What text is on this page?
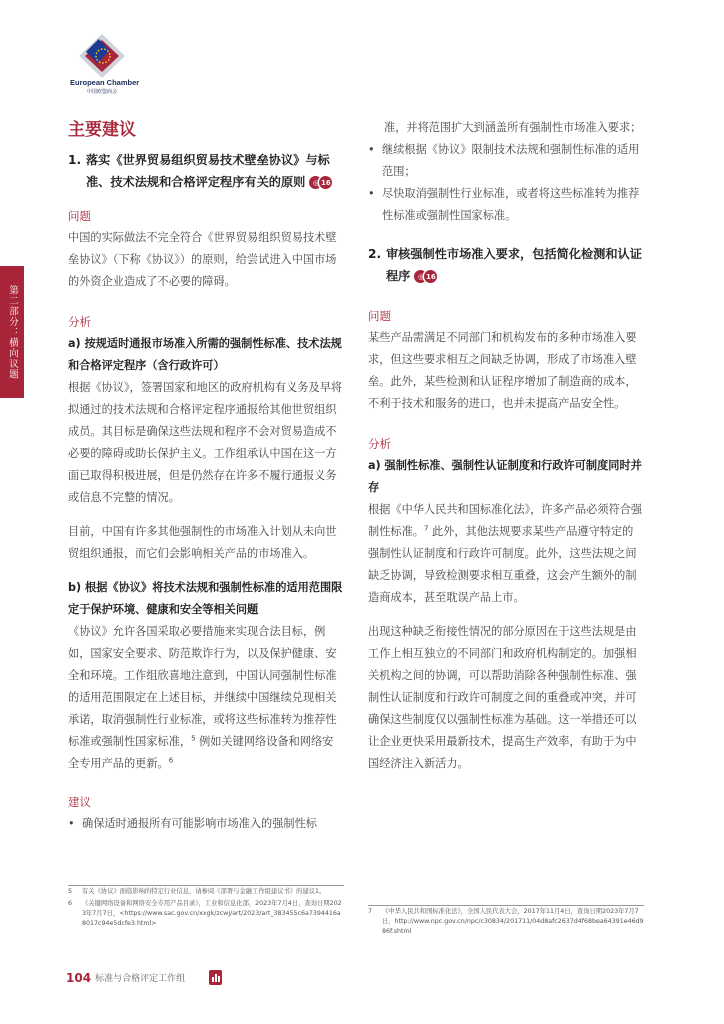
European Chamber
中国欧盟商会
第二部分：横向议题
主要建议
1. 落实《世界贸易组织贸易技术壁垒协议》与标准、技术法规和合格评定程序有关的原则	◎ 16
问题

中国的实际做法不完全符合《世界贸易组织贸易技术壁垒协议》（下称《协议》）的原则，给尝试进入中国市场的外资企业造成了不必要的障碍。

分析
a) 按规适时通报市场准入所需的强制性标准、技术法规和合格评定程序（含行政许可）

根据《协议》，签署国家和地区的政府机构有义务及早将拟通过的技术法规和合格评定程序通报给其他世贸组织成员。其目标是确保这些法规和程序不会对贸易造成不必要的障碍或助长保护主义。工作组承认中国在这一方面已取得积极进展，但是仍然存在许多不履行通报义务或信息不完整的情况。

目前，中国有许多其他强制性的市场准入计划从未向世贸组织通报，而它们会影响相关产品的市场准入。

b) 根据《协议》将技术法规和强制性标准的适用范围限定于保护环境、健康和安全等相关问题

《协议》允许各国采取必要措施来实现合法目标，例如，国家安全要求、防范欺诈行为，以及保护健康、安全和环境。工作组欣喜地注意到，中国认同强制性标准的适用范围限定在上述目标，并继续中国继续兑现相关承诺，取消强制性行业标准，或将这些标准转为推荐性标准或强制性国家标准，$^5$ 例如关键网络设备和网络安全专用产品的更新。$^6$

建议
• 确保适时通报所有可能影响市场准入的强制性标
5	有关《协议》面临影响的特定行业信息，请参阅《部署与金融工作组建议书》的建议1。
6	《关键网络设备和网络安全专用产品目录》，工业和信息化部，2023年7月4日，查询日期2023年7月7日，<https://www.sac.gov.cn/xxgk/zcwj/art/2023/art_383455c6a7394416a8017c94e5dcfe3.html>
准，并将范围扩大到涵盖所有强制性市场准入要求；
• 继续根据《协议》限制技术法规和强制性标准的适用范围；
• 尽快取消强制性行业标准，或者将这些标准转为推荐性标准或强制性国家标准。
2. 审核强制性市场准入要求，包括简化检测和认证程序	◎ 16
问题

某些产品需满足不同部门和机构发布的多种市场准入要求，但这些要求相互之间缺乏协调，形成了市场准入壁垒。此外，某些检测和认证程序增加了制造商的成本，不利于技术和服务的进口，也并未提高产品安全性。

分析
a) 强制性标准、强制性认证制度和行政许可制度同时并存

根据《中华人民共和国标准化法》，许多产品必须符合强制性标准。$^7$ 此外，其他法规要求某些产品遵守特定的强制性认证制度和行政许可制度。此外，这些法规之间缺乏协调，导致检测要求相互重叠，这会产生额外的制造商成本，甚至耽误产品上市。

出现这种缺乏衔接性情况的部分原因在于这些法规是由工作上相互独立的不同部门和政府机构制定的。加强相关机构之间的协调，可以帮助消除各种强制性标准、强制性认证制度和行政许可制度之间的重叠或冲突，并可确保这些制度仅以强制性标准为基础。这一举措还可以让企业更快采用最新技术，提高生产效率，有助于为中国经济注入新活力。

7	《中华人民共和国标准化法》，全国人民代表大会，2017年11月4日，查询日期2023年7月7日，http://www.npc.gov.cn/npc/c30834/201711/04d8afc2637d4f68bea64391e46d986f.shtml
104 标准与合格评定工作组
